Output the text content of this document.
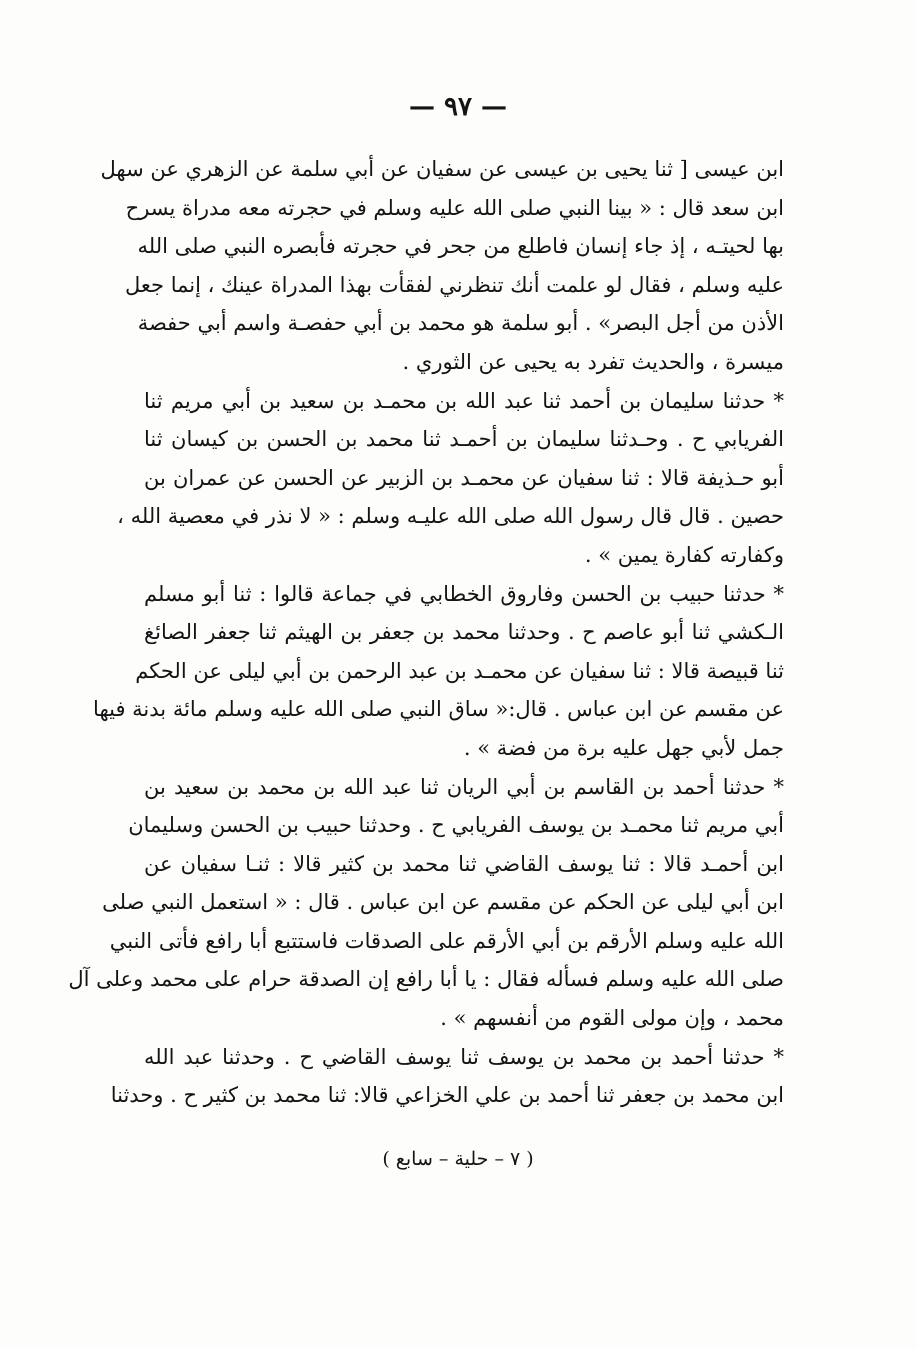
— ٩٧ —
ابن عيسى [ ثنا يحيى بن عيسى عن سفيان عن أبي سلمة عن الزهري عن سهل
ابن سعد قال : « بينا النبي صلى الله عليه وسلم في حجرته معه مدراة يسرح
بها لحيتـه ، إذ جاء إنسان فاطلع من جحر في حجرته فأبصره النبي صلى الله
عليه وسلم ، فقال لو علمت أنك تنظرني لفقأت بهذا المدراة عينك ، إنما جعل
الأذن من أجل البصر» . أبو سلمة هو محمد بن أبي حفصـة واسم أبي حفصة
ميسرة ، والحديث تفرد به يحيى عن الثوري .
* حدثنا سليمان بن أحمد ثنا عبد الله بن محمـد بن سعيد بن أبي مريم ثنا
الفريابي ح . وحـدثنا سليمان بن أحمـد ثنا محمد بن الحسن بن كيسان ثنا
أبو حـذيفة قالا : ثنا سفيان عن محمـد بن الزبير عن الحسن عن عمران بن
حصين . قال قال رسول الله صلى الله عليـه وسلم : « لا نذر في معصية الله ،
وكفارته كفارة يمين » .
* حدثنا حبيب بن الحسن وفاروق الخطابي في جماعة قالوا : ثنا أبو مسلم
الـكشي ثنا أبو عاصم ح . وحدثنا محمد بن جعفر بن الهيثم ثنا جعفر الصائغ
ثنا قبيصة قالا : ثنا سفيان عن محمـد بن عبد الرحمن بن أبي ليلى عن الحكم
عن مقسم عن ابن عباس . قال:« ساق النبي صلى الله عليه وسلم مائة بدنة فيها
جمل لأبي جهل عليه برة من فضة » .
* حدثنا أحمد بن القاسم بن أبي الريان ثنا عبد الله بن محمد بن سعيد بن
أبي مريم ثنا محمـد بن يوسف الفريابي ح . وحدثنا حبيب بن الحسن وسليمان
ابن أحمـد قالا : ثنا يوسف القاضي ثنا محمد بن كثير قالا : ثنـا سفيان عن
ابن أبي ليلى عن الحكم عن مقسم عن ابن عباس . قال : « استعمل النبي صلى
الله عليه وسلم الأرقم بن أبي الأرقم على الصدقات فاستتبع أبا رافع فأتى النبي
صلى الله عليه وسلم فسأله فقال : يا أبا رافع إن الصدقة حرام على محمد وعلى آل
محمد ، وإن مولى القوم من أنفسهم » .
* حدثنا أحمد بن محمد بن يوسف ثنا يوسف القاضي ح . وحدثنا عبد الله
ابن محمد بن جعفر ثنا أحمد بن علي الخزاعي قالا: ثنا محمد بن كثير ح . وحدثنا
( ٧ – حلية – سابع )
